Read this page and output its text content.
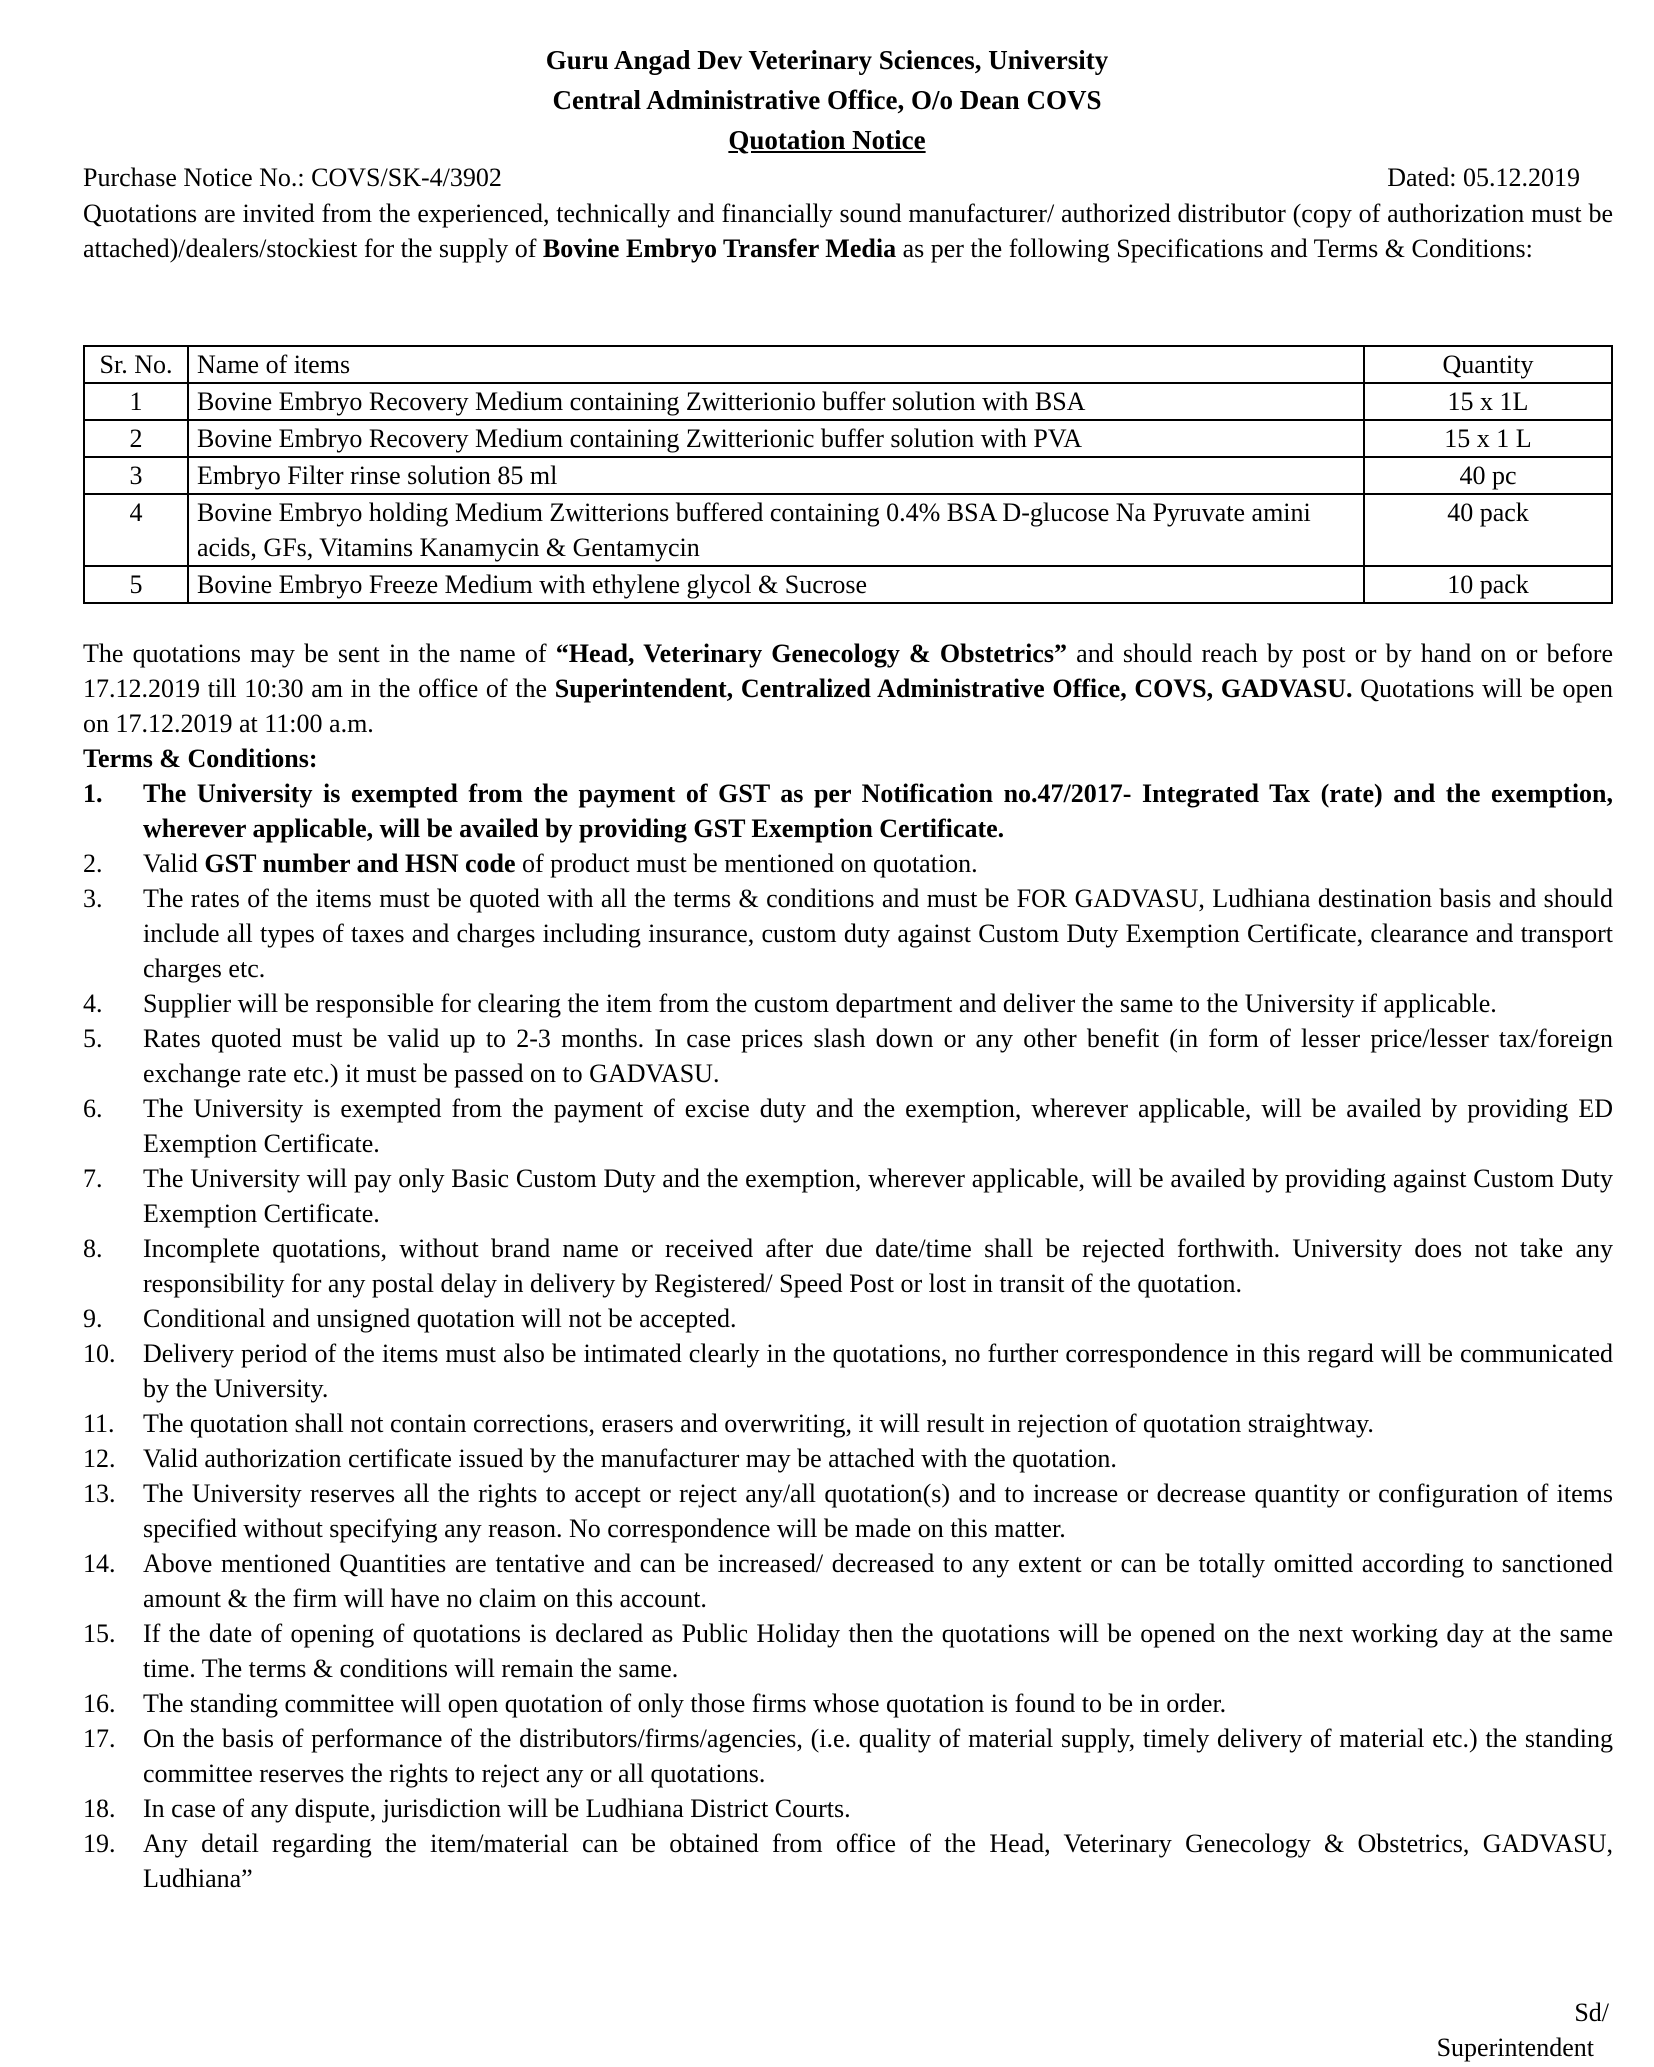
Guru Angad Dev Veterinary Sciences, University
Central Administrative Office, O/o Dean COVS
Quotation Notice
Purchase Notice No.: COVS/SK-4/3902	Dated: 05.12.2019
Quotations are invited from the experienced, technically and financially sound manufacturer/ authorized distributor (copy of authorization must be attached)/dealers/stockiest for the supply of Bovine Embryo Transfer Media as per the following Specifications and Terms & Conditions:
Sr. No.	Name of items	Quantity
1	Bovine Embryo Recovery Medium containing Zwitterionio buffer solution with BSA	15 x 1L
2	Bovine Embryo Recovery Medium containing Zwitterionic buffer solution with PVA	15 x 1 L
3	Embryo Filter rinse solution 85 ml	40 pc
4	Bovine Embryo holding Medium Zwitterions buffered containing 0.4% BSA D-glucose Na Pyruvate amini acids, GFs, Vitamins Kanamycin & Gentamycin	40 pack
5	Bovine Embryo Freeze Medium with ethylene glycol & Sucrose	10 pack
The quotations may be sent in the name of “Head, Veterinary Genecology & Obstetrics” and should reach by post or by hand on or before 17.12.2019 till 10:30 am in the office of the Superintendent, Centralized Administrative Office, COVS, GADVASU. Quotations will be open on 17.12.2019 at 11:00 a.m.
Terms & Conditions:
1. The University is exempted from the payment of GST as per Notification no.47/2017- Integrated Tax (rate) and the exemption, wherever applicable, will be availed by providing GST Exemption Certificate.
2. Valid GST number and HSN code of product must be mentioned on quotation.
3. The rates of the items must be quoted with all the terms & conditions and must be FOR GADVASU, Ludhiana destination basis and should include all types of taxes and charges including insurance, custom duty against Custom Duty Exemption Certificate, clearance and transport charges etc.
4. Supplier will be responsible for clearing the item from the custom department and deliver the same to the University if applicable.
5. Rates quoted must be valid up to 2-3 months. In case prices slash down or any other benefit (in form of lesser price/lesser tax/foreign exchange rate etc.) it must be passed on to GADVASU.
6. The University is exempted from the payment of excise duty and the exemption, wherever applicable, will be availed by providing ED Exemption Certificate.
7. The University will pay only Basic Custom Duty and the exemption, wherever applicable, will be availed by providing against Custom Duty Exemption Certificate.
8. Incomplete quotations, without brand name or received after due date/time shall be rejected forthwith. University does not take any responsibility for any postal delay in delivery by Registered/ Speed Post or lost in transit of the quotation.
9. Conditional and unsigned quotation will not be accepted.
10. Delivery period of the items must also be intimated clearly in the quotations, no further correspondence in this regard will be communicated by the University.
11. The quotation shall not contain corrections, erasers and overwriting, it will result in rejection of quotation straightway.
12. Valid authorization certificate issued by the manufacturer may be attached with the quotation.
13. The University reserves all the rights to accept or reject any/all quotation(s) and to increase or decrease quantity or configuration of items specified without specifying any reason. No correspondence will be made on this matter.
14. Above mentioned Quantities are tentative and can be increased/ decreased to any extent or can be totally omitted according to sanctioned amount & the firm will have no claim on this account.
15. If the date of opening of quotations is declared as Public Holiday then the quotations will be opened on the next working day at the same time. The terms & conditions will remain the same.
16. The standing committee will open quotation of only those firms whose quotation is found to be in order.
17. On the basis of performance of the distributors/firms/agencies, (i.e. quality of material supply, timely delivery of material etc.) the standing committee reserves the rights to reject any or all quotations.
18. In case of any dispute, jurisdiction will be Ludhiana District Courts.
19. Any detail regarding the item/material can be obtained from office of the Head, Veterinary Genecology & Obstetrics, GADVASU, Ludhiana”
Sd/
Superintendent
